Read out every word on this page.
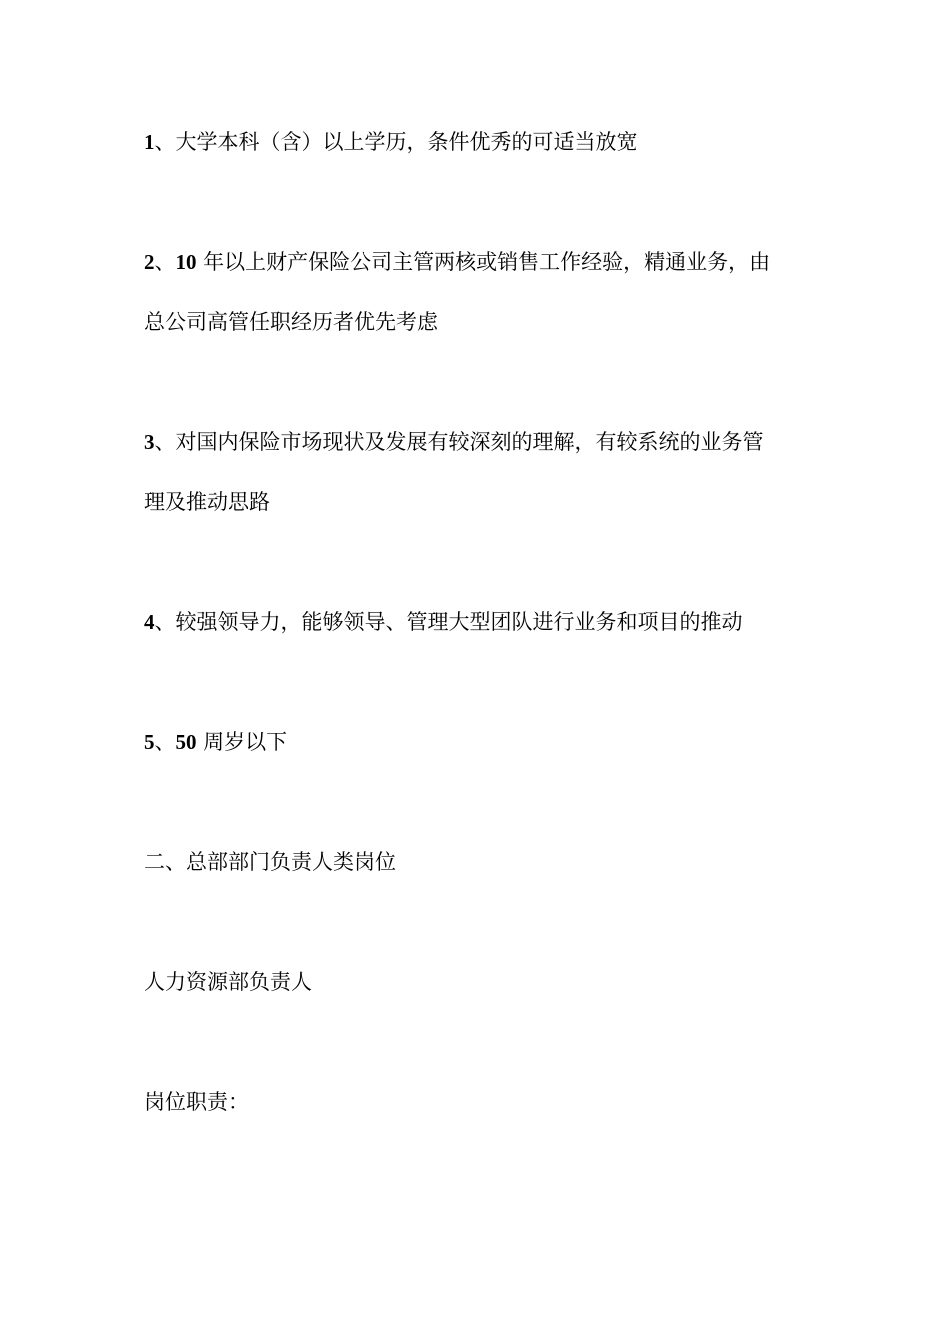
1、大学本科（含）以上学历，条件优秀的可适当放宽
2、10 年以上财产保险公司主管两核或销售工作经验，精通业务，由
总公司高管任职经历者优先考虑
3、对国内保险市场现状及发展有较深刻的理解，有较系统的业务管
理及推动思路
4、较强领导力，能够领导、管理大型团队进行业务和项目的推动
5、50 周岁以下
二、总部部门负责人类岗位
人力资源部负责人
岗位职责：
